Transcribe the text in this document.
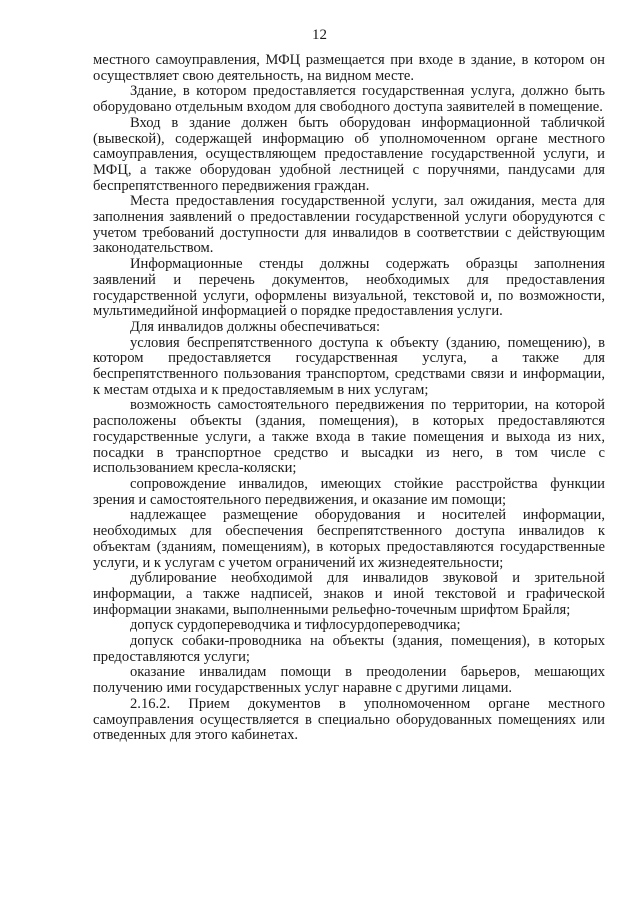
12

местного самоуправления, МФЦ размещается при входе в здание, в котором он осуществляет свою деятельность, на видном месте.

Здание, в котором предоставляется государственная услуга, должно быть оборудовано отдельным входом для свободного доступа заявителей в помещение.

Вход в здание должен быть оборудован информационной табличкой (вывеской), содержащей информацию об уполномоченном органе местного самоуправления, осуществляющем предоставление государственной услуги, и МФЦ, а также оборудован удобной лестницей с поручнями, пандусами для беспрепятственного передвижения граждан.

Места предоставления государственной услуги, зал ожидания, места для заполнения заявлений о предоставлении государственной услуги оборудуются с учетом требований доступности для инвалидов в соответствии с действующим законодательством.

Информационные стенды должны содержать образцы заполнения заявлений и перечень документов, необходимых для предоставления государственной услуги, оформлены визуальной, текстовой и, по возможности, мультимедийной информацией о порядке предоставления услуги.

Для инвалидов должны обеспечиваться:

условия беспрепятственного доступа к объекту (зданию, помещению), в котором предоставляется государственная услуга, а также для беспрепятственного пользования транспортом, средствами связи и информации, к местам отдыха и к предоставляемым в них услугам;

возможность самостоятельного передвижения по территории, на которой расположены объекты (здания, помещения), в которых предоставляются государственные услуги, а также входа в такие помещения и выхода из них, посадки в транспортное средство и высадки из него, в том числе с использованием кресла-коляски;

сопровождение инвалидов, имеющих стойкие расстройства функции зрения и самостоятельного передвижения, и оказание им помощи;

надлежащее размещение оборудования и носителей информации, необходимых для обеспечения беспрепятственного доступа инвалидов к объектам (зданиям, помещениям), в которых предоставляются государственные услуги, и к услугам с учетом ограничений их жизнедеятельности;

дублирование необходимой для инвалидов звуковой и зрительной информации, а также надписей, знаков и иной текстовой и графической информации знаками, выполненными рельефно-точечным шрифтом Брайля;

допуск сурдопереводчика и тифлосурдопереводчика;

допуск собаки-проводника на объекты (здания, помещения), в которых предоставляются услуги;

оказание инвалидам помощи в преодолении барьеров, мешающих получению ими государственных услуг наравне с другими лицами.

2.16.2. Прием документов в уполномоченном органе местного самоуправления осуществляется в специально оборудованных помещениях или отведенных для этого кабинетах.
